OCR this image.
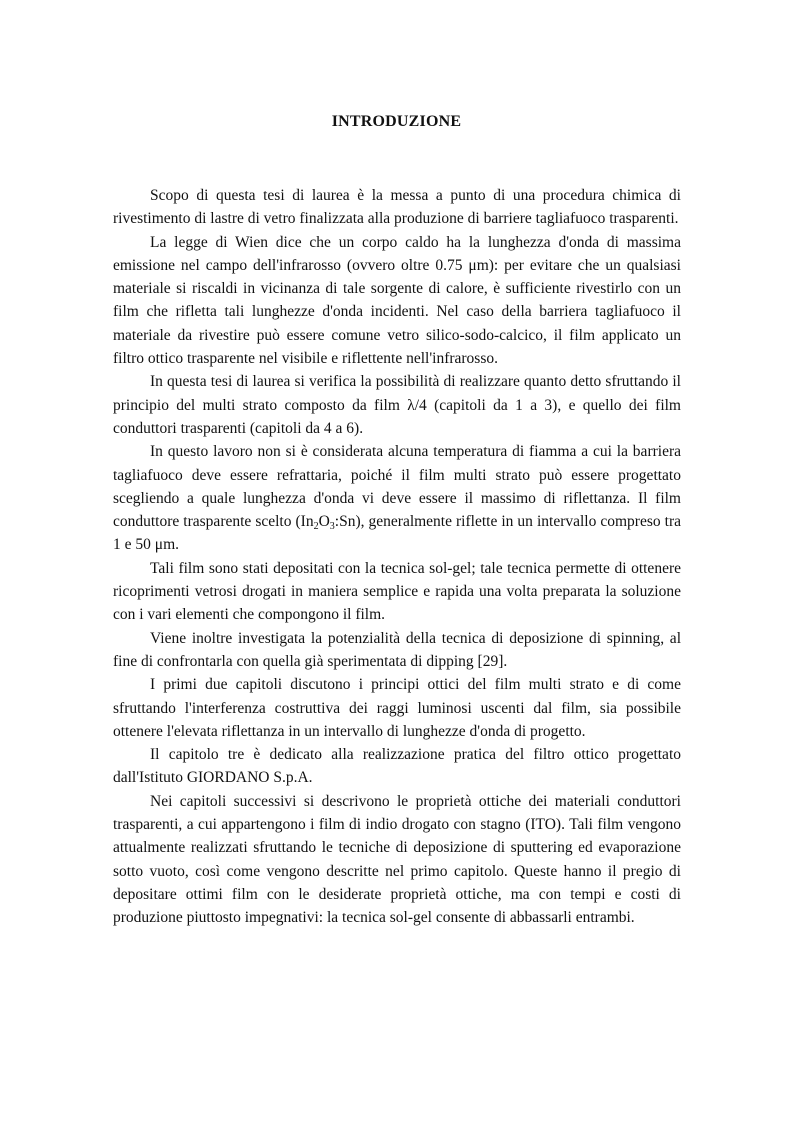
INTRODUZIONE

Scopo di questa tesi di laurea è la messa a punto di una procedura chimica di rivestimento di lastre di vetro finalizzata alla produzione di barriere tagliafuoco trasparenti.

La legge di Wien dice che un corpo caldo ha la lunghezza d'onda di massima emissione nel campo dell'infrarosso (ovvero oltre 0.75 μm): per evitare che un qualsiasi materiale si riscaldi in vicinanza di tale sorgente di calore, è sufficiente rivestirlo con un film che rifletta tali lunghezze d'onda incidenti. Nel caso della barriera tagliafuoco il materiale da rivestire può essere comune vetro silico-sodo-calcico, il film applicato un filtro ottico trasparente nel visibile e riflettente nell'infrarosso.

In questa tesi di laurea si verifica la possibilità di realizzare quanto detto sfruttando il principio del multi strato composto da film λ/4 (capitoli da 1 a 3), e quello dei film conduttori trasparenti (capitoli da 4 a 6).

In questo lavoro non si è considerata alcuna temperatura di fiamma a cui la barriera tagliafuoco deve essere refrattaria, poiché il film multi strato può essere progettato scegliendo a quale lunghezza d'onda vi deve essere il massimo di riflettanza. Il film conduttore trasparente scelto $(In_2O_3:Sn)$, generalmente riflette in un intervallo compreso tra 1 e 50 μm.

Tali film sono stati depositati con la tecnica sol-gel; tale tecnica permette di ottenere ricoprimenti vetrosi drogati in maniera semplice e rapida una volta preparata la soluzione con i vari elementi che compongono il film.

Viene inoltre investigata la potenzialità della tecnica di deposizione di spinning, al fine di confrontarla con quella già sperimentata di dipping [29].

I primi due capitoli discutono i principi ottici del film multi strato e di come sfruttando l'interferenza costruttiva dei raggi luminosi uscenti dal film, sia possibile ottenere l'elevata riflettanza in un intervallo di lunghezze d'onda di progetto.

Il capitolo tre è dedicato alla realizzazione pratica del filtro ottico progettato dall'Istituto GIORDANO S.p.A.

Nei capitoli successivi si descrivono le proprietà ottiche dei materiali conduttori trasparenti, a cui appartengono i film di indio drogato con stagno (ITO). Tali film vengono attualmente realizzati sfruttando le tecniche di deposizione di sputtering ed evaporazione sotto vuoto, così come vengono descritte nel primo capitolo. Queste hanno il pregio di depositare ottimi film con le desiderate proprietà ottiche, ma con tempi e costi di produzione piuttosto impegnativi: la tecnica sol-gel consente di abbassarli entrambi.
